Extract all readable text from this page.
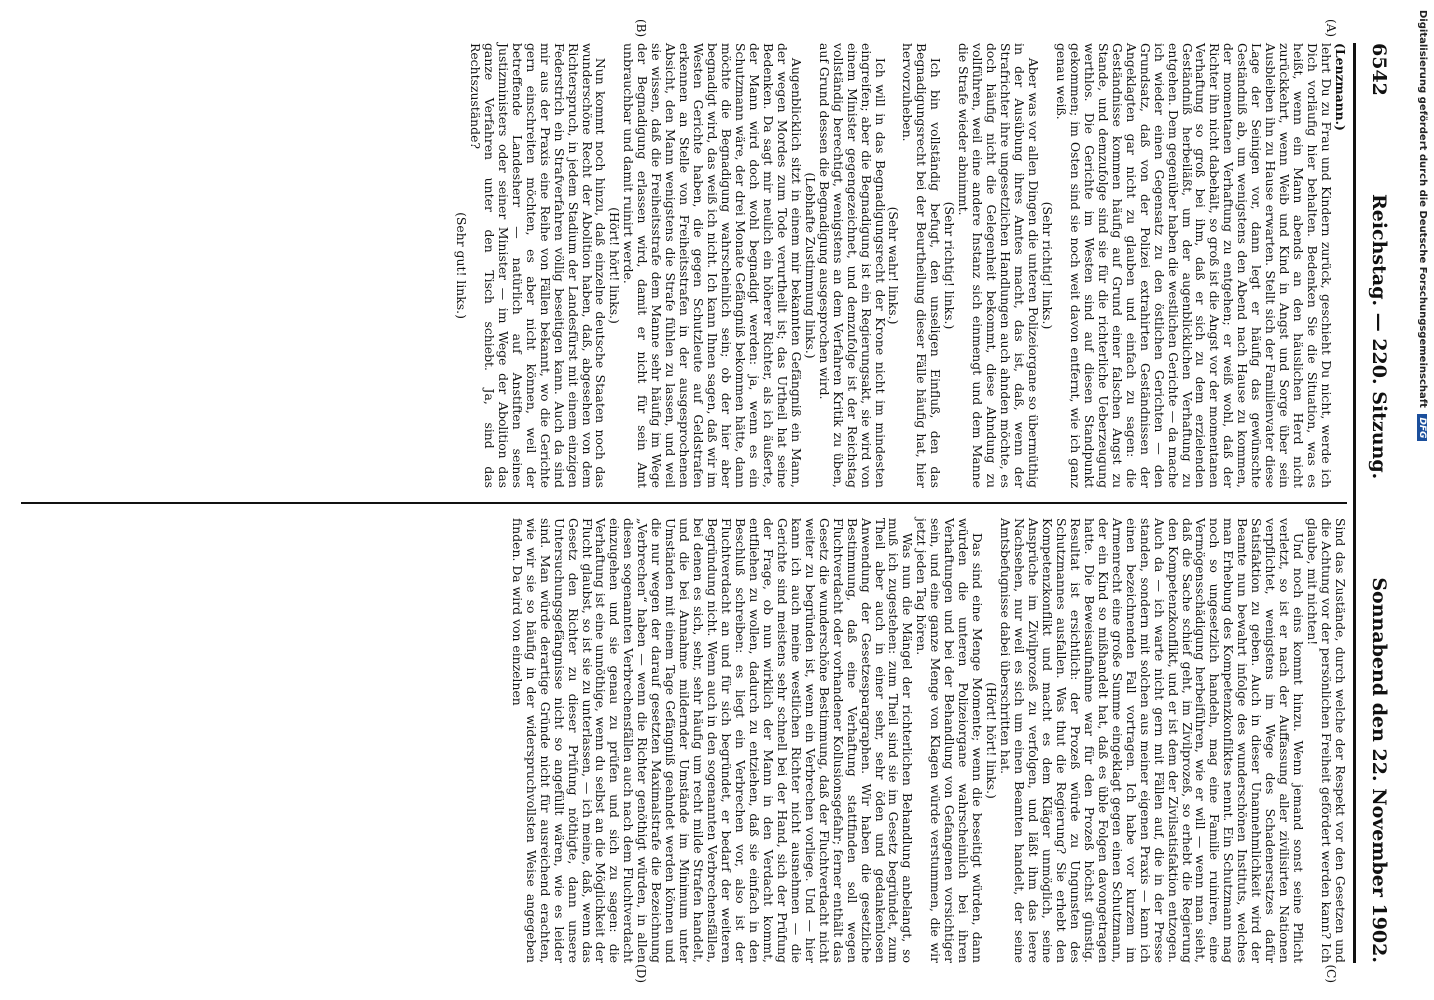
Digitalisierung gefördert durch die Deutsche Forschungsgemeinschaft DFG
6542
Reichstag. — 220. Sitzung.
Sonnabend den 22. November 1902.
(A)
(B)

(Lenzmann.)

lehrt Du zu Frau und Kindern zurück, geschieht Du nicht, werde ich Dich vorläufig hier behalten. Bedenken Sie die Situation, was es heißt, wenn ein Mann abends an den häuslichen Herd nicht zurückkehrt, wenn Weib und Kind in Angst und Sorge über sein Ausbleiben ihn zu Hause erwarten. Stellt sich der Familienvater diese Lage der Seinigen vor, dann legt er häufig das gewünschte Geständniß ab, um wenigstens den Abend nach Hause zu kommen, der momentanen Verhaftung zu entgehen; er weiß wohl, daß der Richter ihn nicht dabehält, so groß ist die Angst vor der momentanen Verhaftung so groß bei ihm, daß er sich zu dem erzielenden Geständniß herbeiläßt, um der augenblicklichen Verhaftung zu entgehen. Dem gegenüber haben die westlichen Gerichte — da mache ich wieder einen Gegensatz zu den östlichen Gerichten — den Grundsatz, daß von der Polizei extrahirten Geständnissen der Angeklagten gar nicht zu glauben und einfach zu sagen: die Geständnisse kommen häufig auf Grund einer falschen Angst zu Stande, und demzufolge sind sie für die richterliche Ueberzeugung werthlos. Die Gerichte im Westen sind auf diesen Standpunkt gekommen; im Osten sind sie noch weit davon entfernt, wie ich ganz genau weiß.

(Sehr richtig! links.)

Aber was vor allen Dingen die unteren Polizeiorgane so übermüthig in der Ausübung ihres Amtes macht, das ist, daß, wenn der Strafrichter ihre ungesetzlichen Handlungen auch ahnden möchte, es doch häufig nicht die Gelegenheit bekommt, diese Ahndung zu vollführen, weil eine andere Instanz sich einmengt und dem Manne die Strafe wieder abnimmt.

(Sehr richtig! links.)

Ich bin vollständig befugt, den unseligen Einfluß, den das Begnadigungsrecht bei der Beurtheilung dieser Fälle häufig hat, hier hervorzuheben.

(Sehr wahr! links.)

Ich will in das Begnadigungsrecht der Krone nicht im mindesten eingreifen; aber die Begnadigung ist ein Regierungsakt, sie wird von einem Minister gegengezeichnet, und demzufolge ist der Reichstag vollständig berechtigt, wenigstens an dem Verfahren Kritik zu üben, auf Grund dessen die Begnadigung ausgesprochen wird.

(Lebhafte Zustimmung links.)

Augenblicklich sitzt in einem mir bekannten Gefängniß ein Mann, der wegen Mordes zum Tode verurtheilt ist; das Urtheil hat seine Bedenken. Da sagt mir neulich ein höherer Richter, als ich äußerte, der Mann wird doch wohl begnadigt werden: ja, wenn es ein Schutzmann wäre, der drei Monate Gefängniß bekommen hätte, dann möchte die Begnadigung wahrscheinlich sein; ob der hier aber begnadigt wird, das weiß ich nicht. Ich kann Ihnen sagen, daß wir im Westen Gerichte haben, die gegen Schutzleute auf Geldstrafen erkennen an Stelle von Freiheitsstrafen in der ausgesprochenen Absicht, den Mann wenigstens die Strafe fühlen zu lassen, und weil sie wissen, daß die Freiheitsstrafe dem Manne sehr häufig im Wege der Begnadigung erlassen wird, damit er nicht für sein Amt unbrauchbar und damit ruinirt werde.

(Hört! hört! links.)

Nun kommt noch hinzu, daß einzelne deutsche Staaten noch das wunderschöne Recht der Abolition haben, daß, abgesehen von dem Richterspruch, in jedem Stadium der Landesfürst mit einem einzigen Federstrich ein Strafverfahren völlig beseitigen kann. Auch da sind mir aus der Praxis eine Reihe von Fällen bekannt, wo die Gerichte gern einschreiten möchten, es aber nicht können, weil der betreffende Landesherr — natürlich auf Anstiften seines Justizministers oder seiner Minister — im Wege der Abolition das ganze Verfahren unter den Tisch schiebt. Ja, sind das Rechtszustände?

(Sehr gut! links.)

(C)
(D)

Sind das Zustände, durch welche der Respekt vor den Gesetzen und die Achtung vor der persönlichen Freiheit gefördert werden kann? Ich glaube, mit nichten!

Und noch eins kommt hinzu. Wenn jemand sonst seine Pflicht verletzt, so ist er nach der Auffassung aller zivilisirten Nationen verpflichtet, wenigstens im Wege des Schadenersatzes dafür Satisfaktion zu geben. Auch in dieser Unannehmlichkeit wird der Beamte nun bewahrt infolge des wunderschönen Instituts, welches man Erhebung des Kompetenzkonfliktes nennt. Ein Schutzmann mag noch so ungesetzlich handeln, mag eine Familie ruiniren, eine Vermögensschädigung herbeiführen, wie er will — wenn man sieht, daß die Sache schief geht, im Zivilprozeß, so erhebt die Regierung den Kompetenzkonflikt, und er ist dem der Zivilsatisfaktion entzogen. Auch da — ich warte nicht gern mit Fällen auf, die in der Presse standen, sondern mit solchen aus meiner eigenen Praxis — kann ich einen bezeichnenden Fall vortragen. Ich habe vor kurzem im Armenrecht eine große Summe eingeklagt gegen einen Schutzmann, der ein Kind so mißhandelt hat, daß es üble Folgen davongetragen hatte. Die Beweisaufnahme war für den Prozeß höchst günstig. Resultat ist ersichtlich: der Prozeß würde zu Ungunsten des Schutzmannes ausfallen. Was thut die Regierung? Sie erhebt den Kompetenzkonflikt und macht es dem Kläger unmöglich, seine Ansprüche im Zivilprozeß zu verfolgen, und läßt ihm das leere Nachsehen, nur weil es sich um einen Beamten handelt, der seine Amtsbefugnisse dabei überschritten hat.

(Hört! hört! links.)

Das sind eine Menge Momente; wenn die beseitigt würden, dann würden die unteren Polizeiorgane wahrscheinlich bei ihren Verhaftungen und bei der Behandlung von Gefangenen vorsichtiger sein, und eine ganze Menge von Klagen würde verstummen, die wir jetzt jeden Tag hören.

Was nun die Mängel der richterlichen Behandlung anbelangt, so muß ich zugestehen: zum Theil sind sie im Gesetz begründet, zum Theil aber auch in einer sehr, sehr öden und gedankenlosen Anwendung der Gesetzesparagraphen. Wir haben die gesetzliche Bestimmung, daß eine Verhaftung stattfinden soll wegen Fluchtverdacht oder vorhandener Kollusionsgefahr; ferner enthält das Gesetz die wunderschöne Bestimmung, daß der Fluchtverdacht nicht weiter zu begründen ist, wenn ein Verbrechen vorliege. Und — hier kann ich auch meine westlichen Richter nicht ausnehmen — die Gerichte sind meistens sehr schnell bei der Hand, sich der Prüfung der Frage, ob nun wirklich der Mann in den Verdacht kommt, entfliehen zu wollen, dadurch zu entziehen, daß sie einfach in den Beschluß schreiben: es liegt ein Verbrechen vor, also ist der Fluchtverdacht an und für sich begründet, er bedarf der weiteren Begründung nicht. Wenn auch in den sogenannten Verbrechensfällen, bei denen es sich, sehr, sehr häufig um recht milde Strafen handelt, und die bei Annahme mildernder Umstände im Minimum unter Umständen mit einem Tage Gefängniß geahndet werden können und die nur wegen der darauf gesetzten Maximalstrafe die Bezeichnung „Verbrechen“ haben — wenn die Richter genöthigt würden, in allen diesen sogenannten Verbrechensfällen auch nach dem Fluchtverdacht einzugehen und sie genau zu prüfen und sich zu sagen: die Verhaftung ist eine unnöthige, wenn du selbst an die Möglichkeit der Flucht glaubst, so ist sie zu unterlassen, — ich meine, daß, wenn das Gesetz den Richter zu dieser Prüfung nöthigte, dann unsere Untersuchungsgefängnisse nicht so angefüllt wären, wie es leider sind. Man würde derartige Gründe nicht für ausreichend erachten, wie wir sie so häufig in der widerspruchvollsten Weise angegeben finden. Da wird von einzelnen
